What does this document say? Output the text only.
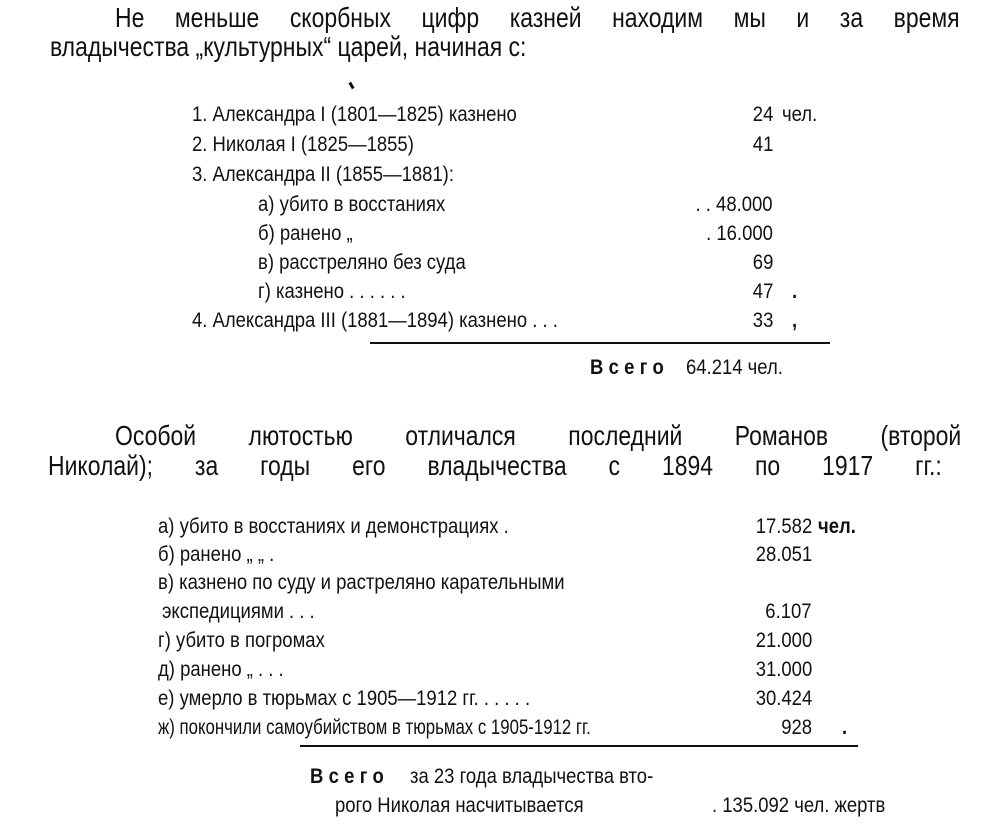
Не меньше скорбных цифр казней находим мы и за время
владычества „культурных“ царей, начиная с:
1. Александра I (1801—1825) казнено	24 чел.
2. Николая I (1825—1855)	41
3. Александра II (1855—1881):
а) убито в восстаниях	. . 48.000
б) ранено „	. 16.000
в) расстреляно без суда	69
г) казнено . . . . . .	47 .
4. Александра III (1881—1894) казнено . . .	33 ,
Всего 64.214 чел.
Особой лютостью отличался последний Романов (второй
Николай); за годы его владычества с 1894 по 1917 гг.:
а) убито в восстаниях и демонстрациях .	17.582 чел.
б) ранено „ „ .	28.051
в) казнено по суду и растреляно карательными
экспедициями . . .	6.107
г) убито в погромах	21.000
д) ранено „ . . .	31.000
е) умерло в тюрьмах с 1905—1912 гг. . . . . .	30.424
ж) покончили самоубийством в тюрьмах с 1905-1912 гг.	928 .
Всего за 23 года владычества вто-
рого Николая насчитывается	. 135.092 чел. жертв
